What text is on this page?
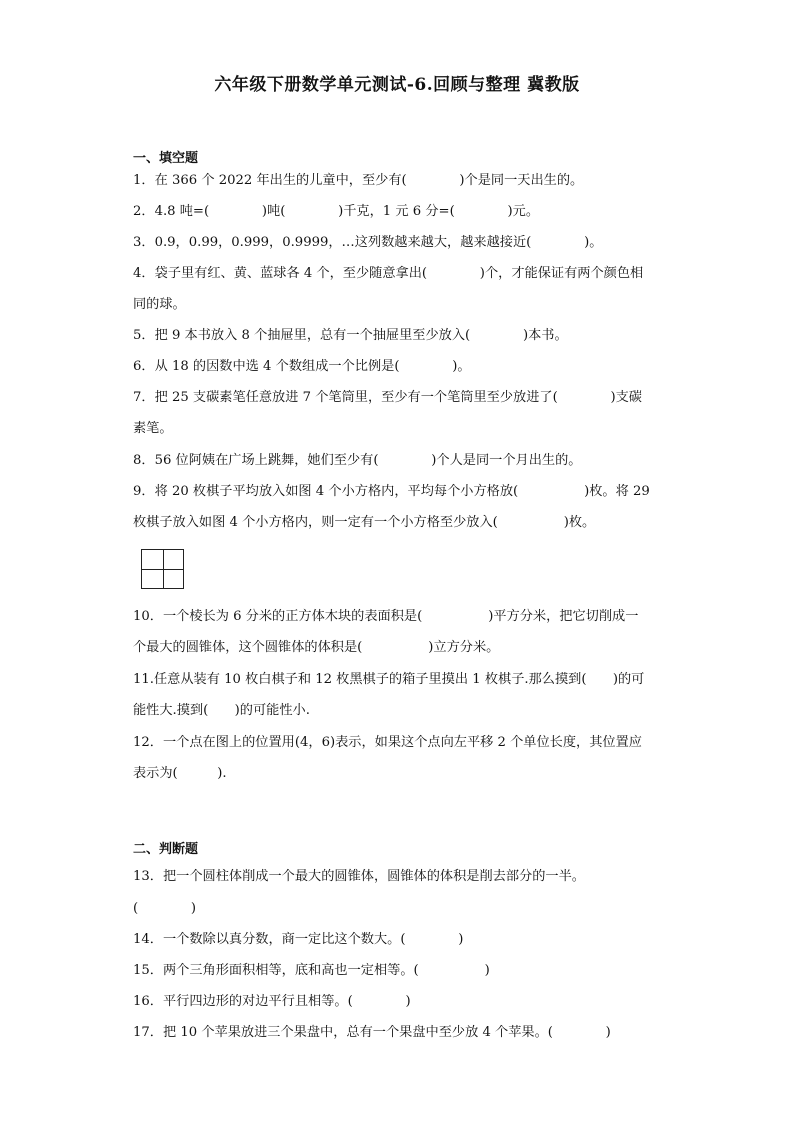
六年级下册数学单元测试-6.回顾与整理 冀教版
一、填空题
1．在 366 个 2022 年出生的儿童中，至少有(　　　　)个是同一天出生的。
2．4.8 吨=(　　　　)吨(　　　　)千克，1 元 6 分=(　　　　)元。
3．0.9，0.99，0.999，0.9999，…这列数越来越大，越来越接近(　　　　)。
4．袋子里有红、黄、蓝球各 4 个，至少随意拿出(　　　　)个，才能保证有两个颜色相
同的球。
5．把 9 本书放入 8 个抽屉里，总有一个抽屉里至少放入(　　　　)本书。
6．从 18 的因数中选 4 个数组成一个比例是(　　　　)。
7．把 25 支碳素笔任意放进 7 个笔筒里，至少有一个笔筒里至少放进了(　　　　)支碳
素笔。
8．56 位阿姨在广场上跳舞，她们至少有(　　　　)个人是同一个月出生的。
9．将 20 枚棋子平均放入如图 4 个小方格内，平均每个小方格放(　　　　　)枚。将 29
枚棋子放入如图 4 个小方格内，则一定有一个小方格至少放入(　　　　　)枚。
10．一个棱长为 6 分米的正方体木块的表面积是(　　　　　)平方分米，把它切削成一
个最大的圆锥体，这个圆锥体的体积是(　　　　　)立方分米。
11.任意从装有 10 枚白棋子和 12 枚黑棋子的箱子里摸出 1 枚棋子.那么摸到(　　)的可
能性大.摸到(　　)的可能性小.
12．一个点在图上的位置用(4，6)表示，如果这个点向左平移 2 个单位长度，其位置应
表示为(　　　).
二、判断题
13．把一个圆柱体削成一个最大的圆锥体，圆锥体的体积是削去部分的一半。
(　　　　)
14．一个数除以真分数，商一定比这个数大。(　　　　)
15．两个三角形面积相等，底和高也一定相等。(　　　　　)
16．平行四边形的对边平行且相等。(　　　　)
17．把 10 个苹果放进三个果盘中，总有一个果盘中至少放 4 个苹果。(　　　　)
